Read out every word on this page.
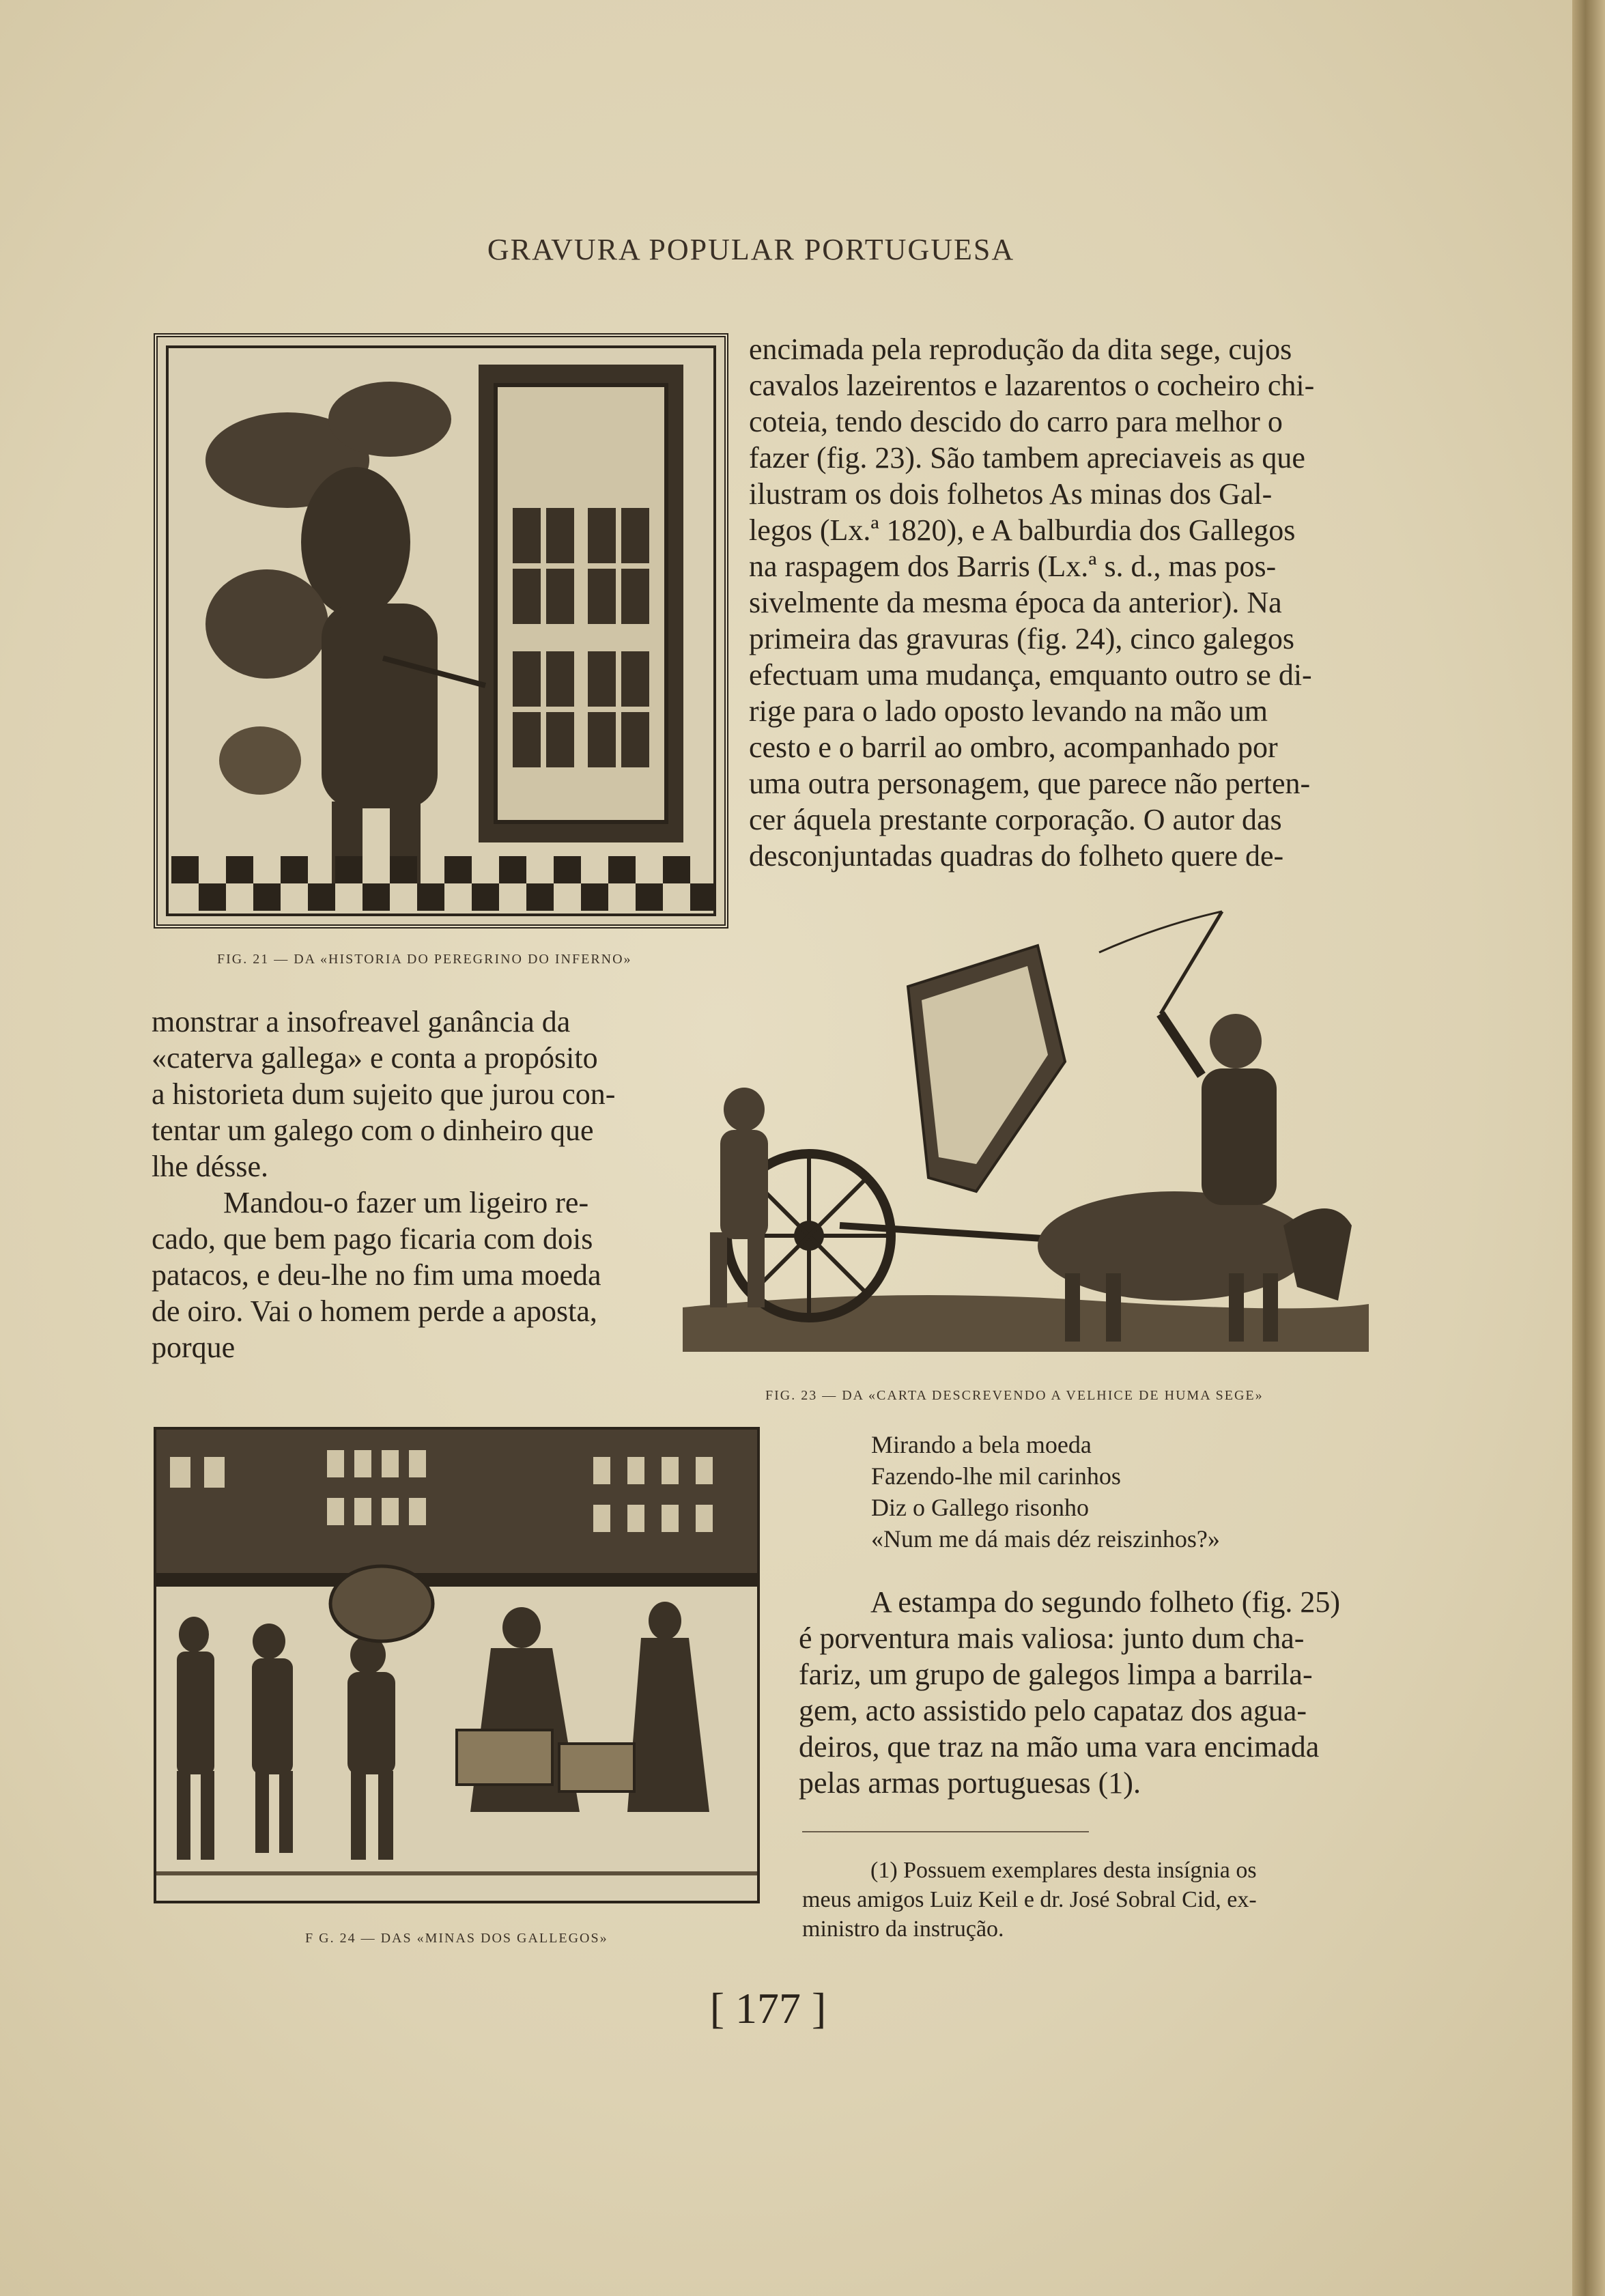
GRAVURA POPULAR PORTUGUESA
FIG. 21 — DA «HISTORIA DO PEREGRINO DO INFERNO»
encimada pela reprodução da dita sege, cujos
cavalos lazeirentos e lazarentos o cocheiro chi-
coteia, tendo descido do carro para melhor o
fazer (fig. 23). São tambem apreciaveis as que
ilustram os dois folhetos As minas dos Gal-
legos (Lx.ª 1820), e A balburdia dos Gallegos
na raspagem dos Barris (Lx.ª s. d., mas pos-
sivelmente da mesma época da anterior). Na
primeira das gravuras (fig. 24), cinco galegos
efectuam uma mudança, emquanto outro se di-
rige para o lado oposto levando na mão um
cesto e o barril ao ombro, acompanhado por
uma outra personagem, que parece não perten-
cer áquela prestante corporação. O autor das
desconjuntadas quadras do folheto quere de-
FIG. 23 — DA «CARTA DESCREVENDO A VELHICE DE HUMA SEGE»
monstrar a insofreavel ganância da
«caterva gallega» e conta a propósito
a historieta dum sujeito que jurou con-
tentar um galego com o dinheiro que
lhe désse.
Mandou-o fazer um ligeiro re-
cado, que bem pago ficaria com dois
patacos, e deu-lhe no fim uma moeda
de oiro. Vai o homem perde a aposta,
porque
Mirando a bela moeda
Fazendo-lhe mil carinhos
Diz o Gallego risonho
«Num me dá mais déz reiszinhos?»
F G. 24 — DAS «MINAS DOS GALLEGOS»
A estampa do segundo folheto (fig. 25)
é porventura mais valiosa: junto dum cha-
fariz, um grupo de galegos limpa a barrila-
gem, acto assistido pelo capataz dos agua-
deiros, que traz na mão uma vara encimada
pelas armas portuguesas (1).
(1) Possuem exemplares desta insígnia os
meus amigos Luiz Keil e dr. José Sobral Cid, ex-
ministro da instrução.
[ 177 ]
